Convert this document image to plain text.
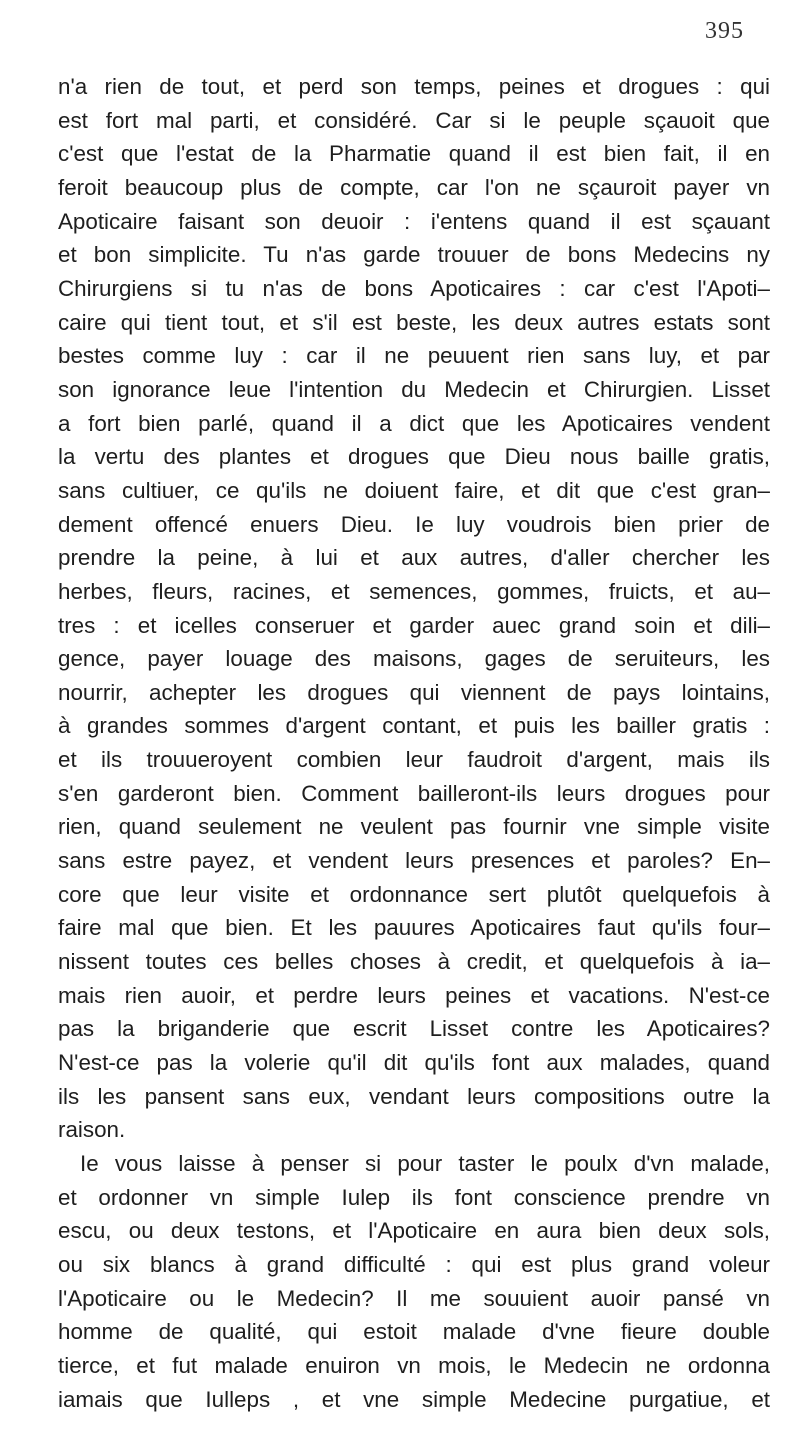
395
n'a rien de tout, et perd son temps, peines et drogues : qui
est fort mal parti, et considéré. Car si le peuple sçauoit que
c'est que l'estat de la Pharmatie quand il est bien fait, il en
feroit beaucoup plus de compte, car l'on ne sçauroit payer vn
Apoticaire faisant son deuoir : i'entens quand il est sçauant
et bon simplicite. Tu n'as garde trouuer de bons Medecins ny
Chirurgiens si tu n'as de bons Apoticaires : car c'est l'Apoti–
caire qui tient tout, et s'il est beste, les deux autres estats sont
bestes comme luy : car il ne peuuent rien sans luy, et par
son ignorance leue l'intention du Medecin et Chirurgien. Lisset
a fort bien parlé, quand il a dict que les Apoticaires vendent
la vertu des plantes et drogues que Dieu nous baille gratis,
sans cultiuer, ce qu'ils ne doiuent faire, et dit que c'est gran–
dement offencé enuers Dieu. Ie luy voudrois bien prier de
prendre la peine, à lui et aux autres, d'aller chercher les
herbes, fleurs, racines, et semences, gommes, fruicts, et au–
tres : et icelles conseruer et garder auec grand soin et dili–
gence, payer louage des maisons, gages de seruiteurs, les
nourrir, achepter les drogues qui viennent de pays lointains,
à grandes sommes d'argent contant, et puis les bailler gratis :
et ils trouueroyent combien leur faudroit d'argent, mais ils
s'en garderont bien. Comment bailleront-ils leurs drogues pour
rien, quand seulement ne veulent pas fournir vne simple visite
sans estre payez, et vendent leurs presences et paroles? En–
core que leur visite et ordonnance sert plutôt quelquefois à
faire mal que bien. Et les pauures Apoticaires faut qu'ils four–
nissent toutes ces belles choses à credit, et quelquefois à ia–
mais rien auoir, et perdre leurs peines et vacations. N'est-ce
pas la briganderie que escrit Lisset contre les Apoticaires?
N'est-ce pas la volerie qu'il dit qu'ils font aux malades, quand
ils les pansent sans eux, vendant leurs compositions outre la
raison.
Ie vous laisse à penser si pour taster le poulx d'vn malade,
et ordonner vn simple Iulep ils font conscience prendre vn
escu, ou deux testons, et l'Apoticaire en aura bien deux sols,
ou six blancs à grand difficulté : qui est plus grand voleur
l'Apoticaire ou le Medecin? Il me souuient auoir pansé vn
homme de qualité, qui estoit malade d'vne fieure double
tierce, et fut malade enuiron vn mois, le Medecin ne ordonna
iamais que Iulleps , et vne simple Medecine purgatiue, et
